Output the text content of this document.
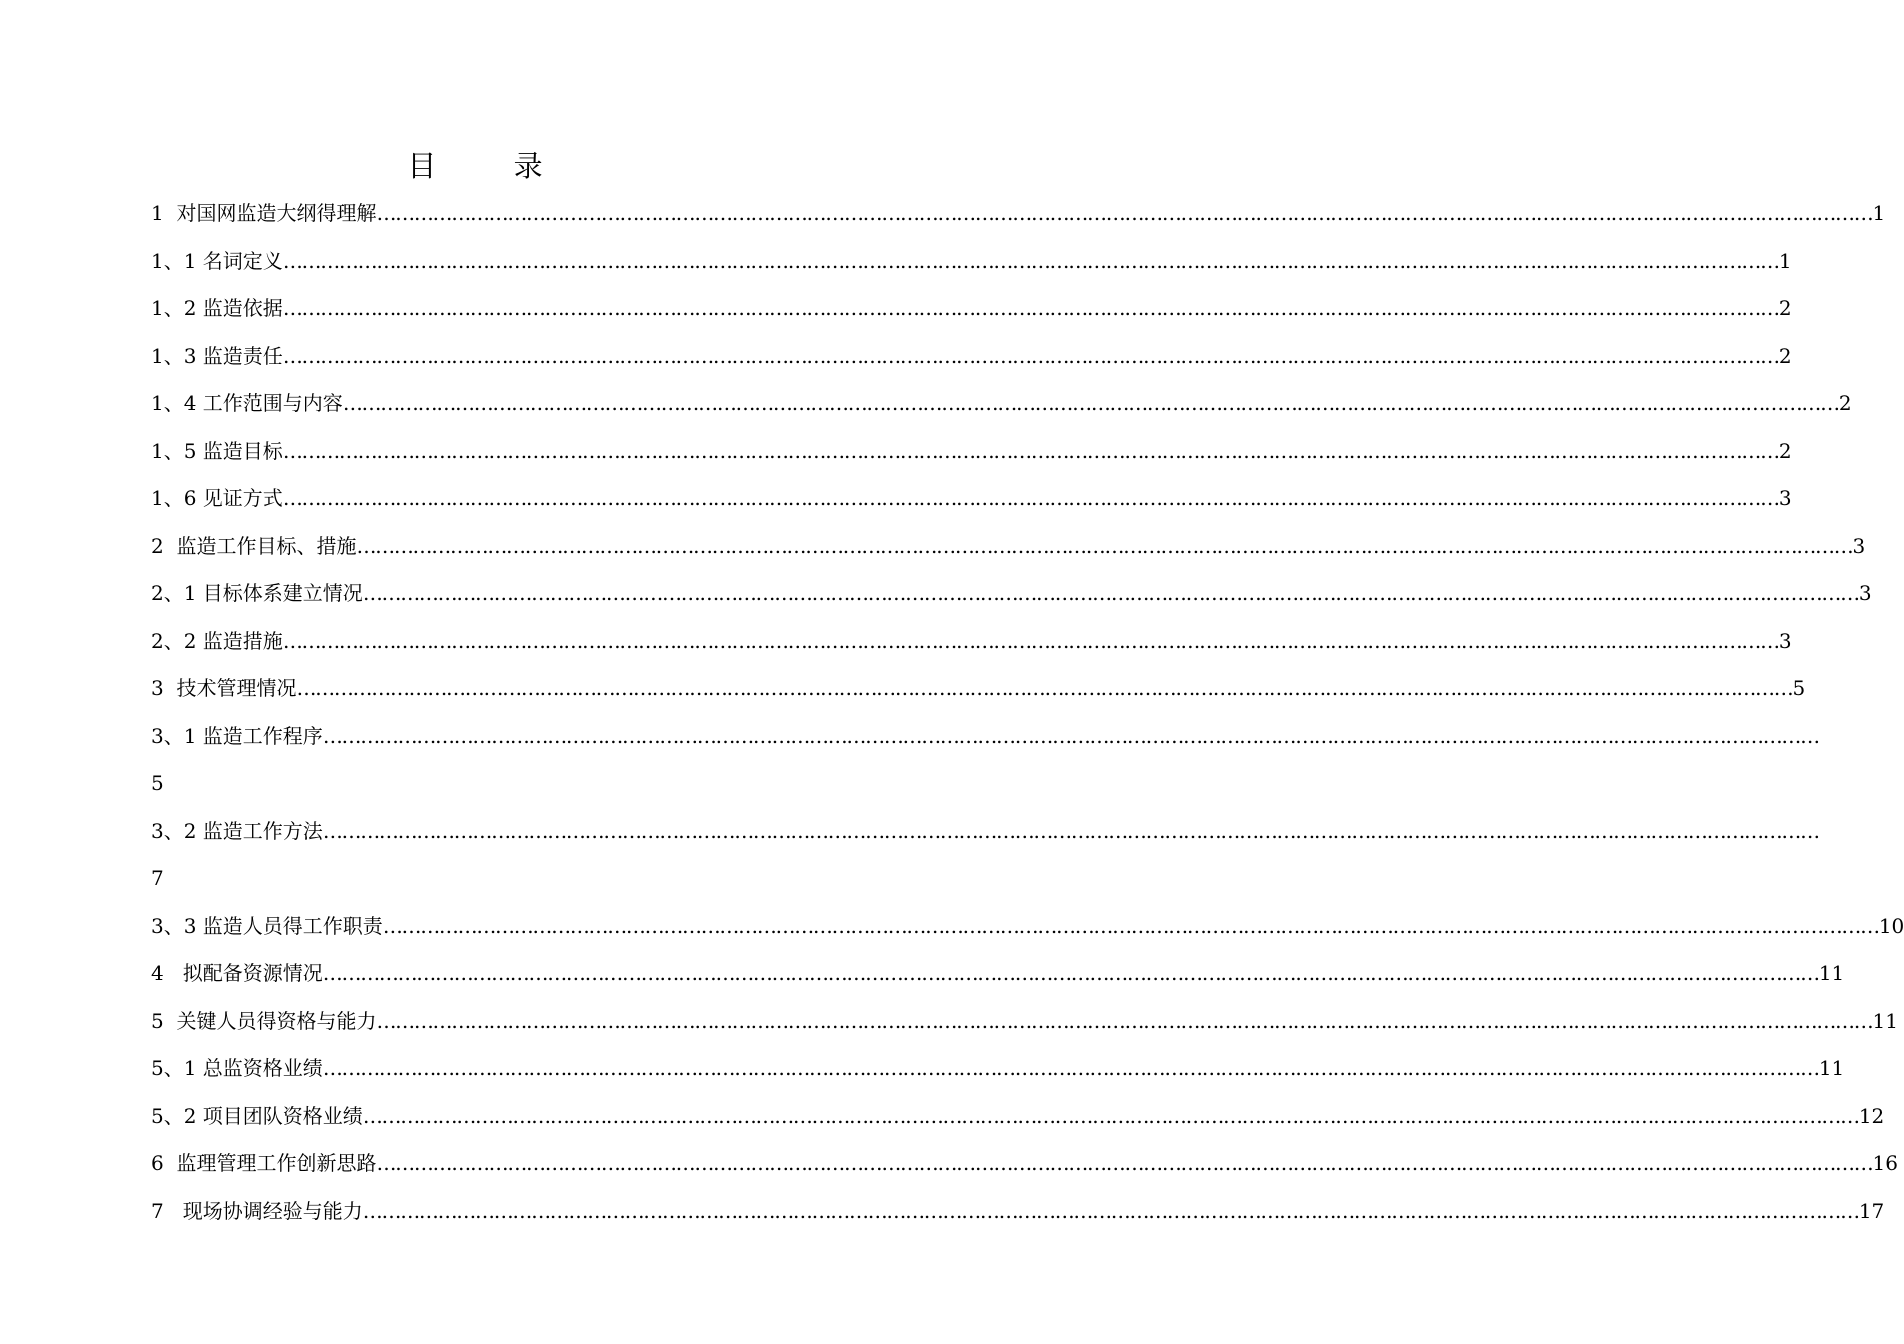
目 录
1  对国网监造大纲得理解 …………………………………………………………………………………………………………………………………………………………………………………………………………………… 1
1、1 名词定义 …………………………………………………………………………………………………………………………………………………………………………………………………………………… 1
1、2 监造依据 …………………………………………………………………………………………………………………………………………………………………………………………………………………… 2
1、3 监造责任 …………………………………………………………………………………………………………………………………………………………………………………………………………………… 2
1、4 工作范围与内容 …………………………………………………………………………………………………………………………………………………………………………………………………………………… 2
1、5 监造目标 …………………………………………………………………………………………………………………………………………………………………………………………………………………… 2
1、6 见证方式 …………………………………………………………………………………………………………………………………………………………………………………………………………………… 3
2  监造工作目标、措施 …………………………………………………………………………………………………………………………………………………………………………………………………………………… 3
2、1 目标体系建立情况 …………………………………………………………………………………………………………………………………………………………………………………………………………………… 3
2、2 监造措施 …………………………………………………………………………………………………………………………………………………………………………………………………………………… 3
3  技术管理情况 …………………………………………………………………………………………………………………………………………………………………………………………………………………… 5
3、1 监造工作程序 ……………………………………………………………………………………………………………………………………………………………………………………………………………………
5
3、2 监造工作方法 ……………………………………………………………………………………………………………………………………………………………………………………………………………………
7
3、3 监造人员得工作职责 …………………………………………………………………………………………………………………………………………………………………………………………………………………… 10
4   拟配备资源情况 …………………………………………………………………………………………………………………………………………………………………………………………………………………… 11
5  关键人员得资格与能力 …………………………………………………………………………………………………………………………………………………………………………………………………………………… 11
5、1 总监资格业绩 …………………………………………………………………………………………………………………………………………………………………………………………………………………… 11
5、2 项目团队资格业绩 …………………………………………………………………………………………………………………………………………………………………………………………………………………… 12
6  监理管理工作创新思路 …………………………………………………………………………………………………………………………………………………………………………………………………………………… 16
7   现场协调经验与能力 …………………………………………………………………………………………………………………………………………………………………………………………………………………… 17
